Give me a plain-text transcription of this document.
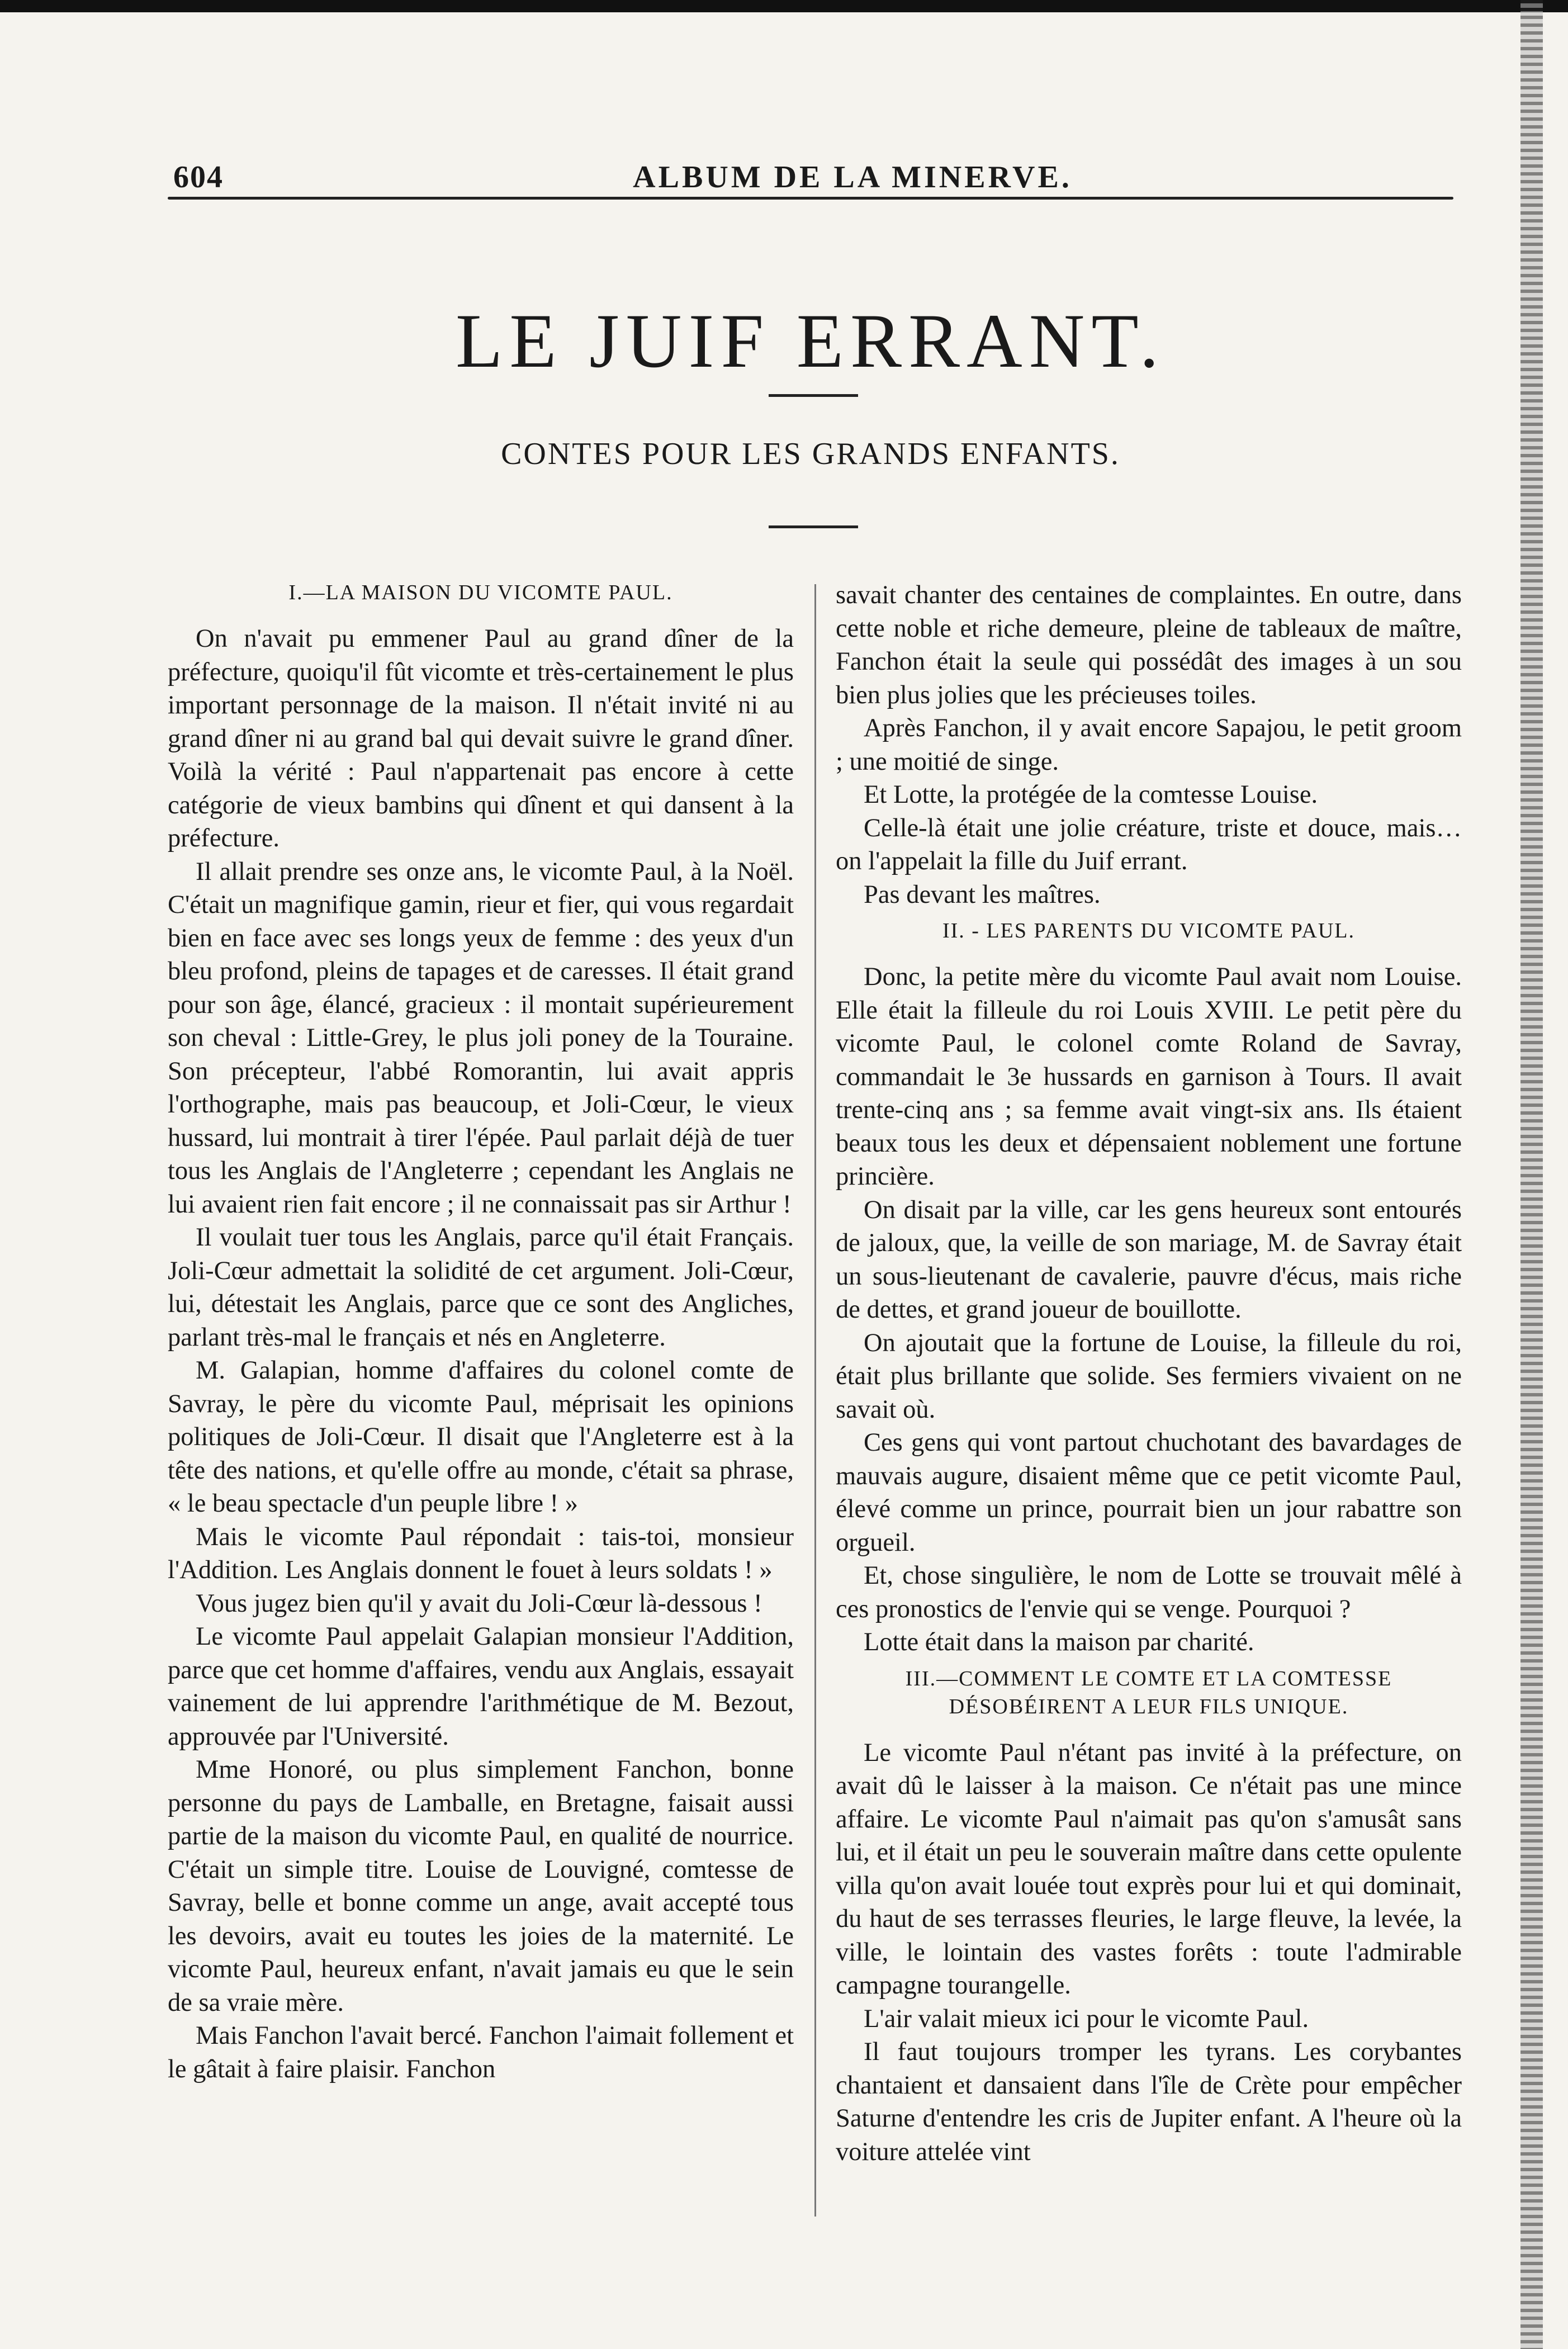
604	ALBUM DE LA MINERVE.
LE JUIF ERRANT.
CONTES POUR LES GRANDS ENFANTS.
I.—LA MAISON DU VICOMTE PAUL.

On n'avait pu emmener Paul au grand dîner de la préfecture, quoiqu'il fût vicomte et très-certainement le plus important personnage de la maison. Il n'était invité ni au grand dîner ni au grand bal qui devait suivre le grand dîner. Voilà la vérité : Paul n'appartenait pas encore à cette catégorie de vieux bambins qui dînent et qui dansent à la préfecture.

Il allait prendre ses onze ans, le vicomte Paul, à la Noël. C'était un magnifique gamin, rieur et fier, qui vous regardait bien en face avec ses longs yeux de femme : des yeux d'un bleu profond, pleins de tapages et de caresses. Il était grand pour son âge, élancé, gracieux : il montait supérieurement son cheval : Little-Grey, le plus joli poney de la Touraine. Son précepteur, l'abbé Romorantin, lui avait appris l'orthographe, mais pas beaucoup, et Joli-Cœur, le vieux hussard, lui montrait à tirer l'épée. Paul parlait déjà de tuer tous les Anglais de l'Angleterre ; cependant les Anglais ne lui avaient rien fait encore ; il ne connaissait pas sir Arthur !

Il voulait tuer tous les Anglais, parce qu'il était Français. Joli-Cœur admettait la solidité de cet argument. Joli-Cœur, lui, détestait les Anglais, parce que ce sont des Angliches, parlant très-mal le français et nés en Angleterre.

M. Galapian, homme d'affaires du colonel comte de Savray, le père du vicomte Paul, méprisait les opinions politiques de Joli-Cœur. Il disait que l'Angleterre est à la tête des nations, et qu'elle offre au monde, c'était sa phrase, « le beau spectacle d'un peuple libre ! »

Mais le vicomte Paul répondait : tais-toi, monsieur l'Addition. Les Anglais donnent le fouet à leurs soldats ! »

Vous jugez bien qu'il y avait du Joli-Cœur là-dessous !

Le vicomte Paul appelait Galapian monsieur l'Addition, parce que cet homme d'affaires, vendu aux Anglais, essayait vainement de lui apprendre l'arithmétique de M. Bezout, approuvée par l'Université.

Mme Honoré, ou plus simplement Fanchon, bonne personne du pays de Lamballe, en Bretagne, faisait aussi partie de la maison du vicomte Paul, en qualité de nourrice. C'était un simple titre. Louise de Louvigné, comtesse de Savray, belle et bonne comme un ange, avait accepté tous les devoirs, avait eu toutes les joies de la maternité. Le vicomte Paul, heureux enfant, n'avait jamais eu que le sein de sa vraie mère.

Mais Fanchon l'avait bercé. Fanchon l'aimait follement et le gâtait à faire plaisir. Fanchon

savait chanter des centaines de complaintes. En outre, dans cette noble et riche demeure, pleine de tableaux de maître, Fanchon était la seule qui possédât des images à un sou bien plus jolies que les précieuses toiles.

Après Fanchon, il y avait encore Sapajou, le petit groom ; une moitié de singe.

Et Lotte, la protégée de la comtesse Louise.

Celle-là était une jolie créature, triste et douce, mais… on l'appelait la fille du Juif errant.

Pas devant les maîtres.

II. - LES PARENTS DU VICOMTE PAUL.

Donc, la petite mère du vicomte Paul avait nom Louise. Elle était la filleule du roi Louis XVIII. Le petit père du vicomte Paul, le colonel comte Roland de Savray, commandait le 3e hussards en garnison à Tours. Il avait trente-cinq ans ; sa femme avait vingt-six ans. Ils étaient beaux tous les deux et dépensaient noblement une fortune princière.

On disait par la ville, car les gens heureux sont entourés de jaloux, que, la veille de son mariage, M. de Savray était un sous-lieutenant de cavalerie, pauvre d'écus, mais riche de dettes, et grand joueur de bouillotte.

On ajoutait que la fortune de Louise, la filleule du roi, était plus brillante que solide. Ses fermiers vivaient on ne savait où.

Ces gens qui vont partout chuchotant des bavardages de mauvais augure, disaient même que ce petit vicomte Paul, élevé comme un prince, pourrait bien un jour rabattre son orgueil.

Et, chose singulière, le nom de Lotte se trouvait mêlé à ces pronostics de l'envie qui se venge. Pourquoi ?

Lotte était dans la maison par charité.

III.—COMMENT LE COMTE ET LA COMTESSE DÉSOBÉIRENT A LEUR FILS UNIQUE.

Le vicomte Paul n'étant pas invité à la préfecture, on avait dû le laisser à la maison. Ce n'était pas une mince affaire. Le vicomte Paul n'aimait pas qu'on s'amusât sans lui, et il était un peu le souverain maître dans cette opulente villa qu'on avait louée tout exprès pour lui et qui dominait, du haut de ses terrasses fleuries, le large fleuve, la levée, la ville, le lointain des vastes forêts : toute l'admirable campagne tourangelle.

L'air valait mieux ici pour le vicomte Paul.

Il faut toujours tromper les tyrans. Les corybantes chantaient et dansaient dans l'île de Crète pour empêcher Saturne d'entendre les cris de Jupiter enfant. A l'heure où la voiture attelée vint
